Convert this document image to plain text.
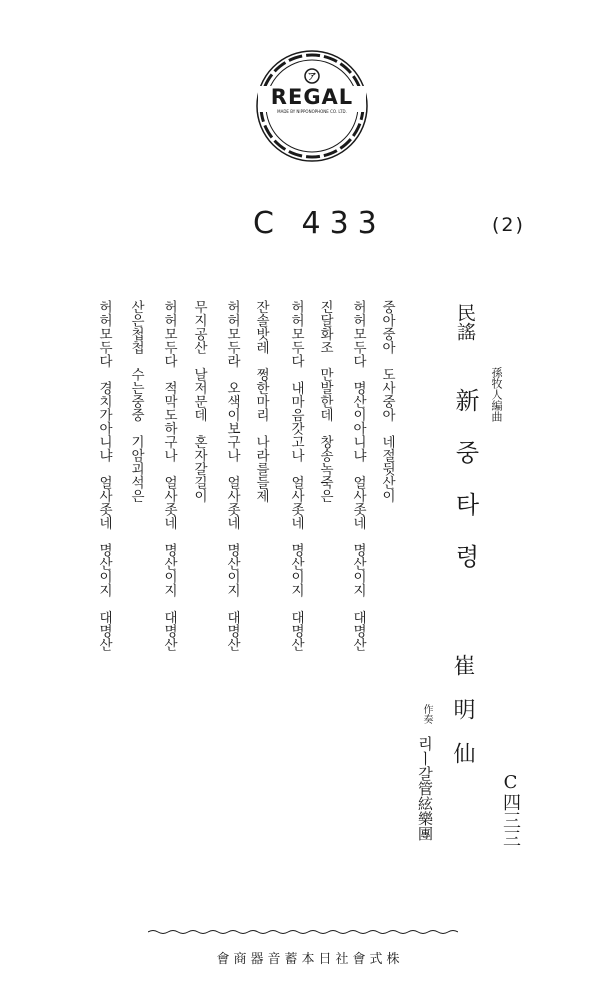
ア
REGAL
MADE BY NIPPONOPHONE CO. LTD.
C 433	(2)
孫牧人編曲
C四三三
民謠
新 중 타 령
崔　明　仙
作奏
리ㅣ갈管絃樂團
중아중아　도사중아　네절뒷산이
허허모두다　명산이아니냐　얼사좃네　명산이지　대명산
진달화조　만발한데　창송녹죽은
허허모두다　내마음갓고나　얼사좃네　명산이지　대명산
잔솔밧레　쩡한마리　나라를들제
허허모두라　오색이보구나　얼사좃네　명산이지　대명산
무지공산　날저문데　혼자갈길이
허허모두다　적막도하구나　얼사좃네　명산이지　대명산
산은첩첩　수는중중　기암괴석은
허허모두다　경치가아니냐　얼사좃네　명산이지　대명산
會商器音蓄本日社會式株
